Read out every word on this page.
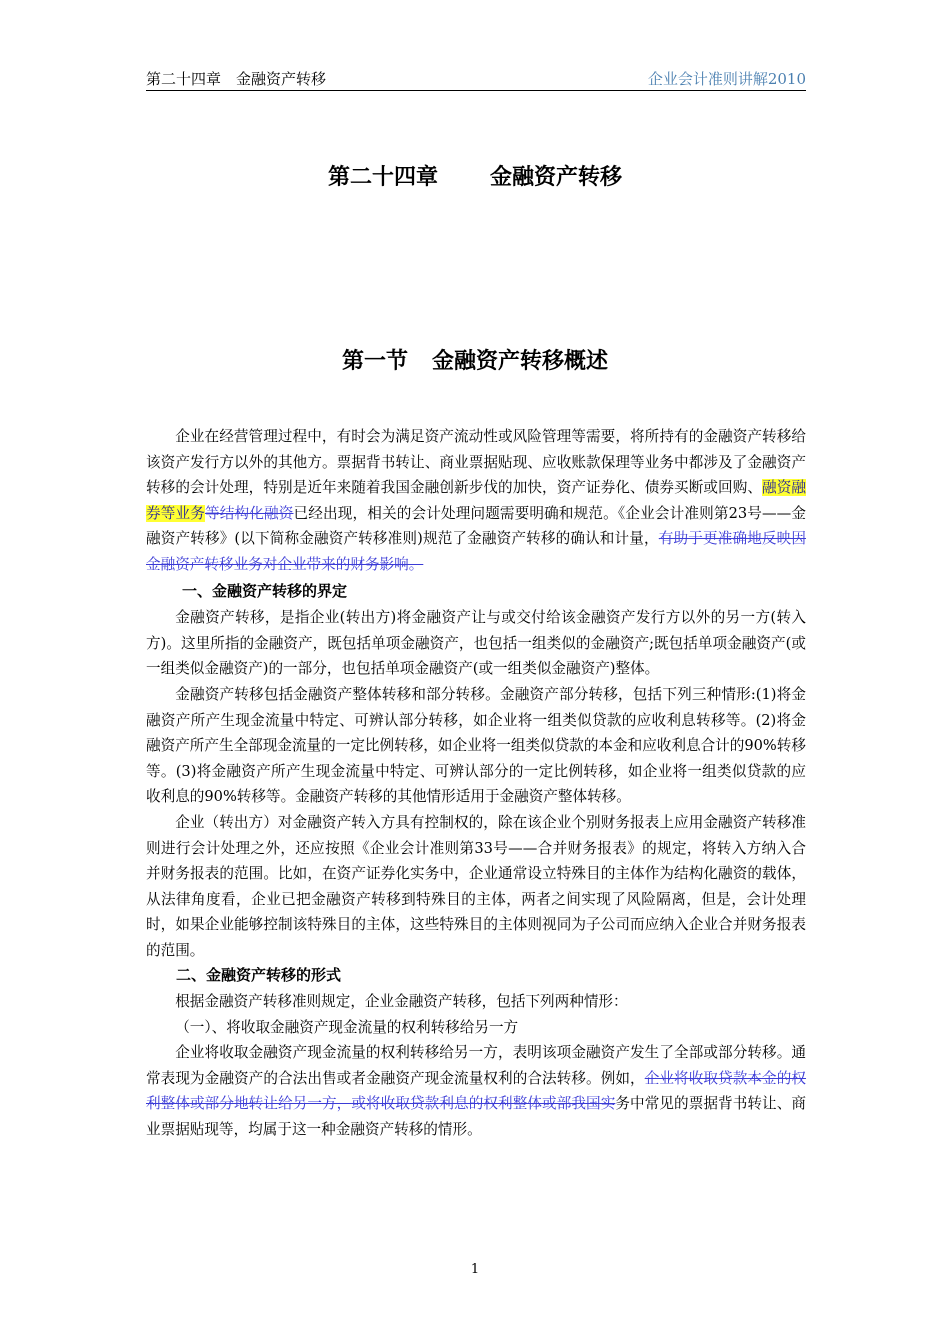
第二十四章　金融资产转移	企业会计准则讲解2010
第二十四章 金融资产转移
第一节 金融资产转移概述

企业在经营管理过程中，有时会为满足资产流动性或风险管理等需要，将所持有的金融资产转移给该资产发行方以外的其他方。票据背书转让、商业票据贴现、应收账款保理等业务中都涉及了金融资产转移的会计处理，特别是近年来随着我国金融创新步伐的加快，资产证券化、债券买断或回购、融资融券等业务等结构化融资已经出现，相关的会计处理问题需要明确和规范。《企业会计准则第23号——金融资产转移》(以下简称金融资产转移准则)规范了金融资产转移的确认和计量，有助于更准确地反映因金融资产转移业务对企业带来的财务影响。

一、金融资产转移的界定

金融资产转移，是指企业(转出方)将金融资产让与或交付给该金融资产发行方以外的另一方(转入方)。这里所指的金融资产，既包括单项金融资产，也包括一组类似的金融资产;既包括单项金融资产(或一组类似金融资产)的一部分，也包括单项金融资产(或一组类似金融资产)整体。

金融资产转移包括金融资产整体转移和部分转移。金融资产部分转移，包括下列三种情形:(1)将金融资产所产生现金流量中特定、可辨认部分转移，如企业将一组类似贷款的应收利息转移等。(2)将金融资产所产生全部现金流量的一定比例转移，如企业将一组类似贷款的本金和应收利息合计的90%转移等。(3)将金融资产所产生现金流量中特定、可辨认部分的一定比例转移，如企业将一组类似贷款的应收利息的90%转移等。金融资产转移的其他情形适用于金融资产整体转移。

企业（转出方）对金融资产转入方具有控制权的，除在该企业个别财务报表上应用金融资产转移准则进行会计处理之外，还应按照《企业会计准则第33号——合并财务报表》的规定，将转入方纳入合并财务报表的范围。比如，在资产证券化实务中，企业通常设立特殊目的主体作为结构化融资的载体，从法律角度看，企业已把金融资产转移到特殊目的主体，两者之间实现了风险隔离，但是，会计处理时，如果企业能够控制该特殊目的主体，这些特殊目的主体则视同为子公司而应纳入企业合并财务报表的范围。

二、金融资产转移的形式

根据金融资产转移准则规定，企业金融资产转移，包括下列两种情形：

（一）、将收取金融资产现金流量的权利转移给另一方

企业将收取金融资产现金流量的权利转移给另一方，表明该项金融资产发生了全部或部分转移。通常表现为金融资产的合法出售或者金融资产现金流量权利的合法转移。例如，企业将收取贷款本金的权利整体或部分地转让给另一方，或将收取贷款利息的权利整体或部我国实务中常见的票据背书转让、商业票据贴现等，均属于这一种金融资产转移的情形。

1
